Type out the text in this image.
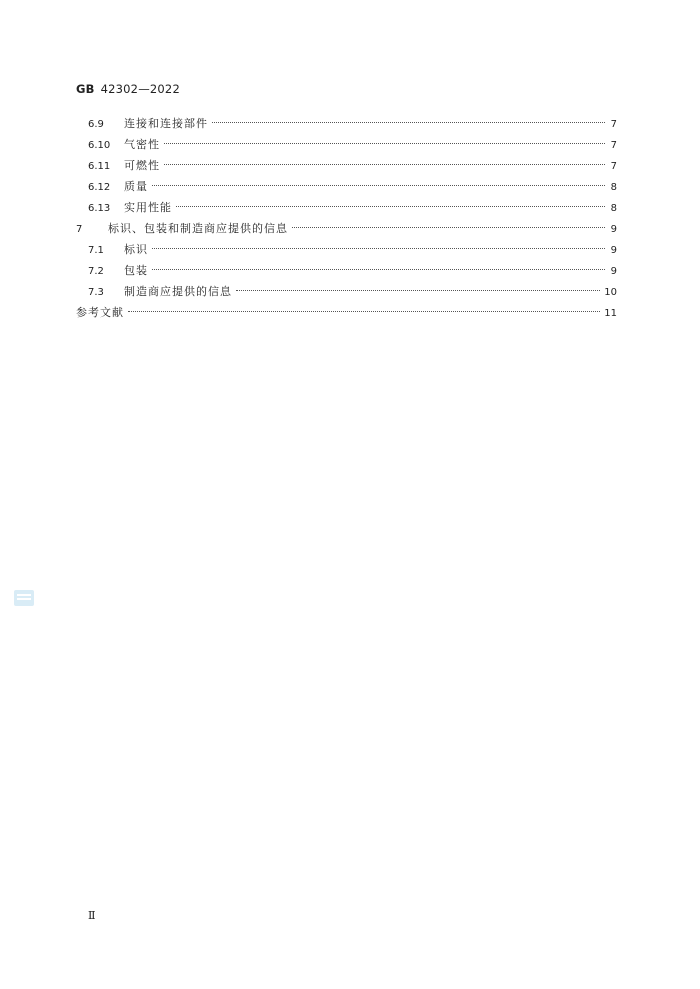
GB 42302—2022
6.9	连接和连接部件	7
6.10	气密性	7
6.11	可燃性	7
6.12	质量	8
6.13	实用性能	8
7	标识、包装和制造商应提供的信息	9
7.1	标识	9
7.2	包装	9
7.3	制造商应提供的信息	10
参考文献	11
Ⅱ
